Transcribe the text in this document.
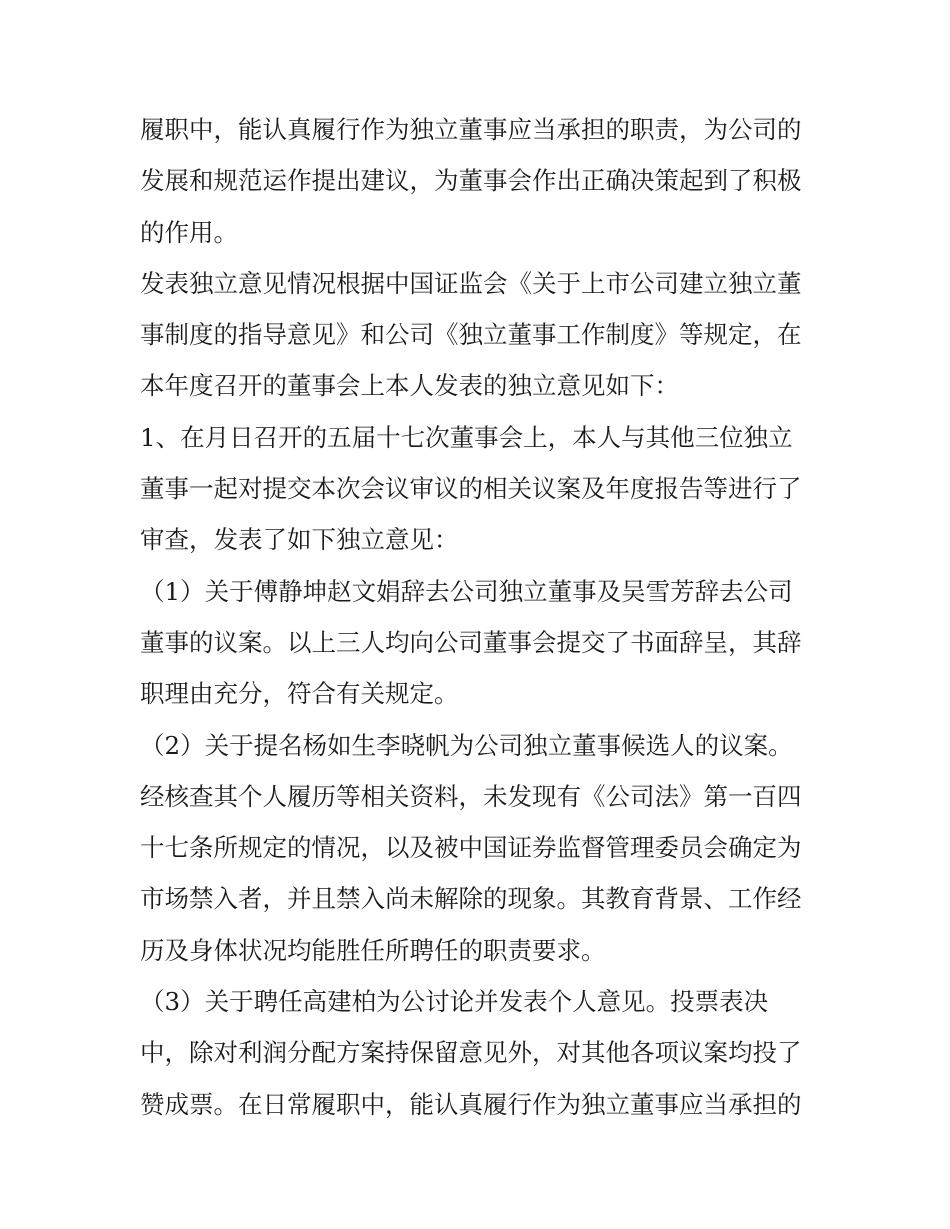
履职中，能认真履行作为独立董事应当承担的职责，为公司的
发展和规范运作提出建议，为董事会作出正确决策起到了积极
的作用。
发表独立意见情况根据中国证监会《关于上市公司建立独立董
事制度的指导意见》和公司《独立董事工作制度》等规定，在
本年度召开的董事会上本人发表的独立意见如下：
1、在月日召开的五届十七次董事会上，本人与其他三位独立
董事一起对提交本次会议审议的相关议案及年度报告等进行了
审查，发表了如下独立意见：
（1）关于傅静坤赵文娟辞去公司独立董事及吴雪芳辞去公司
董事的议案。以上三人均向公司董事会提交了书面辞呈，其辞
职理由充分，符合有关规定。
（2）关于提名杨如生李晓帆为公司独立董事候选人的议案。
经核查其个人履历等相关资料，未发现有《公司法》第一百四
十七条所规定的情况，以及被中国证券监督管理委员会确定为
市场禁入者，并且禁入尚未解除的现象。其教育背景、工作经
历及身体状况均能胜任所聘任的职责要求。
（3）关于聘任高建柏为公讨论并发表个人意见。投票表决
中，除对利润分配方案持保留意见外，对其他各项议案均投了
赞成票。在日常履职中，能认真履行作为独立董事应当承担的
